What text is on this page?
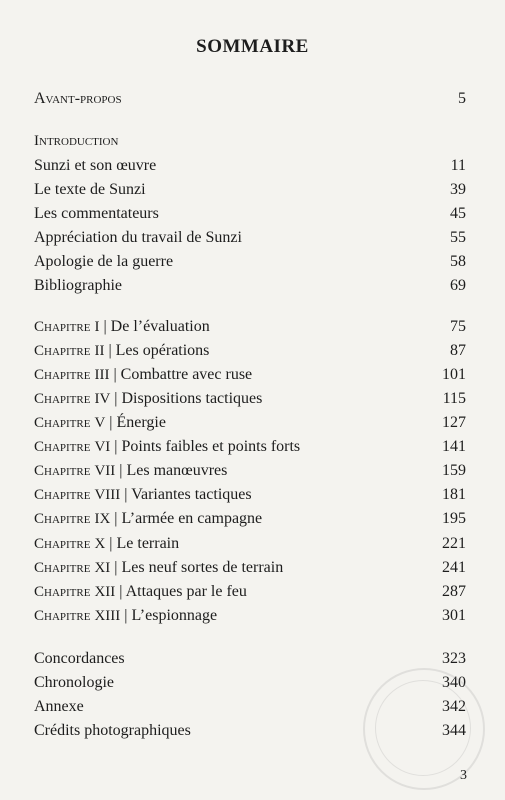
SOMMAIRE
Avant-propos	5
Introduction
Sunzi et son œuvre	11
Le texte de Sunzi	39
Les commentateurs	45
Appréciation du travail de Sunzi	55
Apologie de la guerre	58
Bibliographie	69
Chapitre I | De l’évaluation	75
Chapitre II | Les opérations	87
Chapitre III | Combattre avec ruse	101
Chapitre IV | Dispositions tactiques	115
Chapitre V | Énergie	127
Chapitre VI | Points faibles et points forts	141
Chapitre VII | Les manœuvres	159
Chapitre VIII | Variantes tactiques	181
Chapitre IX | L’armée en campagne	195
Chapitre X | Le terrain	221
Chapitre XI | Les neuf sortes de terrain	241
Chapitre XII | Attaques par le feu	287
Chapitre XIII | L’espionnage	301
Concordances	323
Chronologie	340
Annexe	342
Crédits photographiques	344
3
